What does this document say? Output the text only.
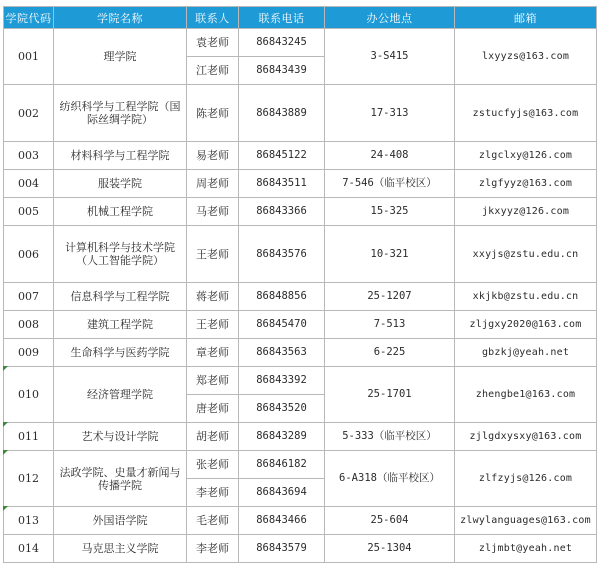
学院代码	学院名称	联系人	联系电话	办公地点	邮箱
001	理学院	袁老师	86843245	3-S415	lxyyzs@163.com
		江老师	86843439		
002	纺织科学与工程学院（国际丝绸学院）	陈老师	86843889	17-313	zstucfyjs@163.com
003	材料科学与工程学院	易老师	86845122	24-408	zlgclxy@126.com
004	服装学院	周老师	86843511	7-546（临平校区）	zlgfyyz@163.com
005	机械工程学院	马老师	86843366	15-325	jkxyyz@126.com
006	计算机科学与技术学院（人工智能学院）	王老师	86843576	10-321	xxyjs@zstu.edu.cn
007	信息科学与工程学院	蒋老师	86848856	25-1207	xkjkb@zstu.edu.cn
008	建筑工程学院	王老师	86845470	7-513	zljgxy2020@163.com
009	生命科学与医药学院	章老师	86843563	6-225	gbzkj@yeah.net

010	经济管理学院	郑老师	86843392	25-1701	zhengbe1@163.com
		唐老师	86843520		

011	艺术与设计学院	胡老师	86843289	5-333（临平校区）	zjlgdxysxy@163.com

012	法政学院、史量才新闻与传播学院	张老师	86846182	6-A318（临平校区）	zlfzyjs@126.com
		李老师	86843694		

013	外国语学院	毛老师	86843466	25-604	zlwylanguages@163.com
014	马克思主义学院	李老师	86843579	25-1304	zljmbt@yeah.net
